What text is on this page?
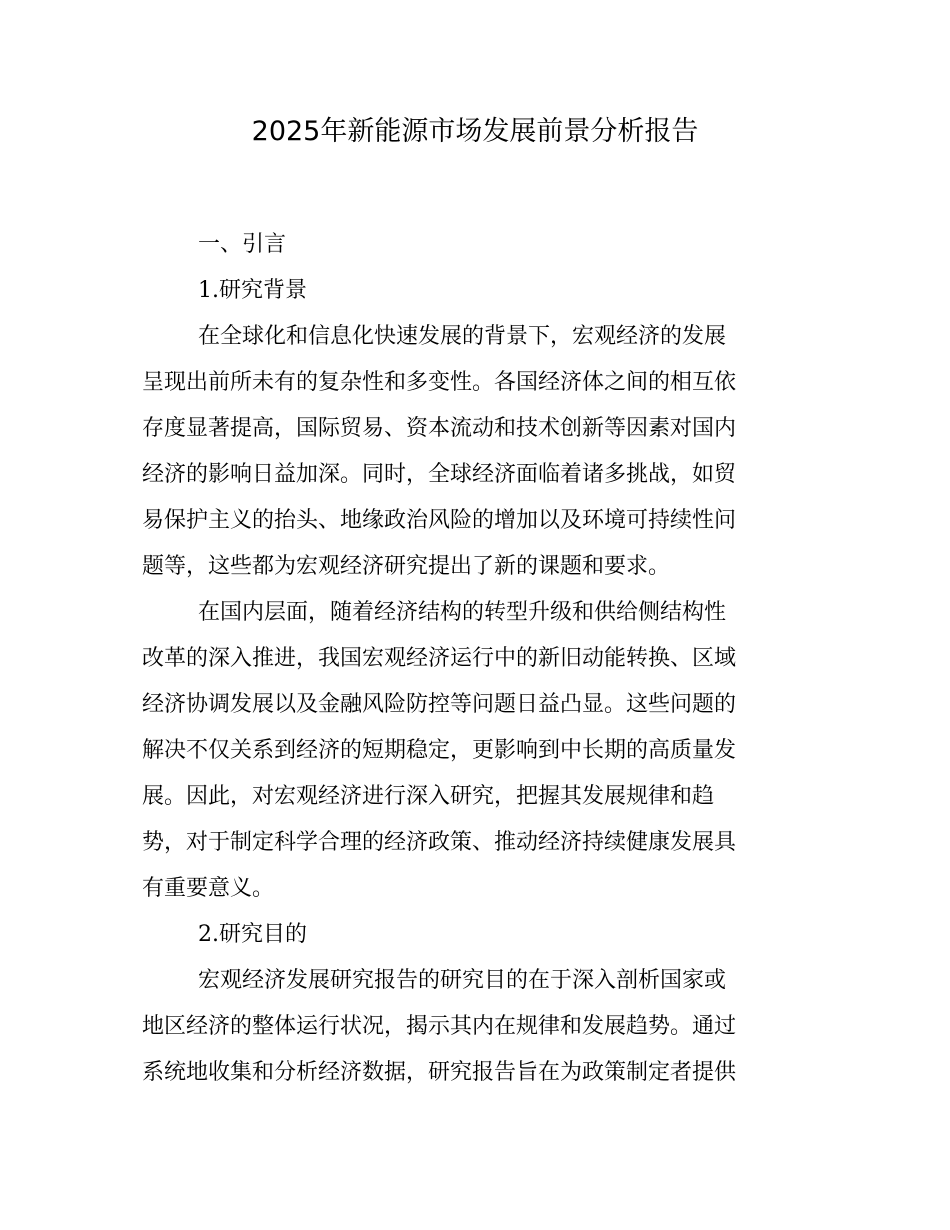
2025年新能源市场发展前景分析报告
一、引言
1.研究背景
在全球化和信息化快速发展的背景下，宏观经济的发展
呈现出前所未有的复杂性和多变性。各国经济体之间的相互依
存度显著提高，国际贸易、资本流动和技术创新等因素对国内
经济的影响日益加深。同时，全球经济面临着诸多挑战，如贸
易保护主义的抬头、地缘政治风险的增加以及环境可持续性问
题等，这些都为宏观经济研究提出了新的课题和要求。
在国内层面，随着经济结构的转型升级和供给侧结构性
改革的深入推进，我国宏观经济运行中的新旧动能转换、区域
经济协调发展以及金融风险防控等问题日益凸显。这些问题的
解决不仅关系到经济的短期稳定，更影响到中长期的高质量发
展。因此，对宏观经济进行深入研究，把握其发展规律和趋
势，对于制定科学合理的经济政策、推动经济持续健康发展具
有重要意义。
2.研究目的
宏观经济发展研究报告的研究目的在于深入剖析国家或
地区经济的整体运行状况，揭示其内在规律和发展趋势。通过
系统地收集和分析经济数据，研究报告旨在为政策制定者提供
